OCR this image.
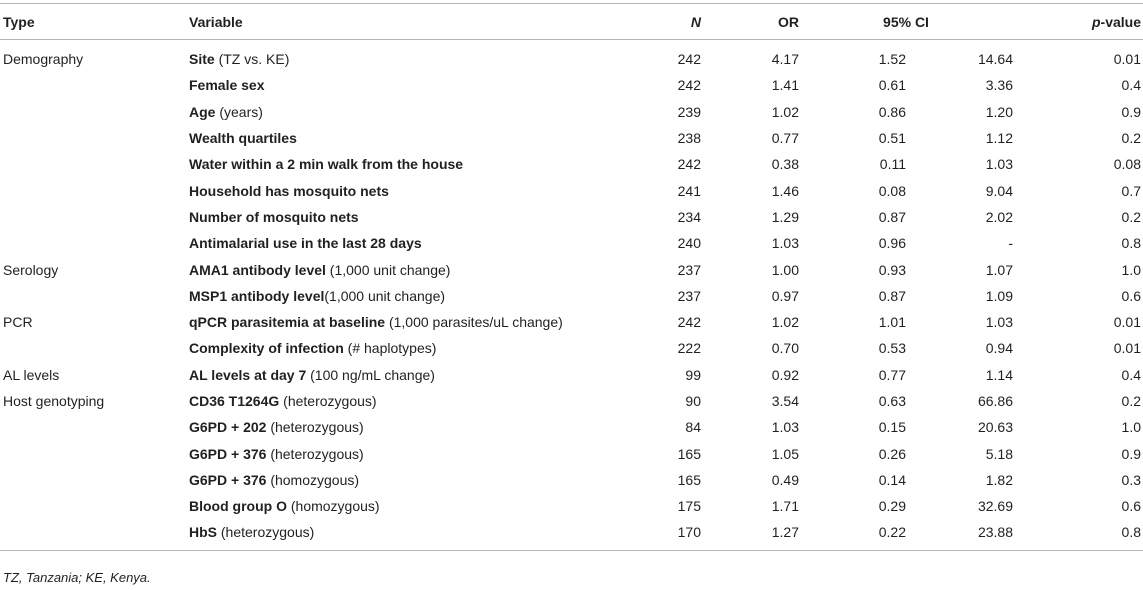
Type	Variable	N	OR	95% CI		p-value
Demography	Site (TZ vs. KE)	242	4.17	1.52	14.64	0.01
	Female sex	242	1.41	0.61	3.36	0.4
	Age (years)	239	1.02	0.86	1.20	0.9
	Wealth quartiles	238	0.77	0.51	1.12	0.2
	Water within a 2 min walk from the house	242	0.38	0.11	1.03	0.08
	Household has mosquito nets	241	1.46	0.08	9.04	0.7
	Number of mosquito nets	234	1.29	0.87	2.02	0.2
	Antimalarial use in the last 28 days	240	1.03	0.96	-	0.8
Serology	AMA1 antibody level (1,000 unit change)	237	1.00	0.93	1.07	1.0
	MSP1 antibody level(1,000 unit change)	237	0.97	0.87	1.09	0.6
PCR	qPCR parasitemia at baseline (1,000 parasites/uL change)	242	1.02	1.01	1.03	0.01
	Complexity of infection (# haplotypes)	222	0.70	0.53	0.94	0.01
AL levels	AL levels at day 7 (100 ng/mL change)	99	0.92	0.77	1.14	0.4
Host genotyping	CD36 T1264G (heterozygous)	90	3.54	0.63	66.86	0.2
	G6PD + 202 (heterozygous)	84	1.03	0.15	20.63	1.0
	G6PD + 376 (heterozygous)	165	1.05	0.26	5.18	0.9
	G6PD + 376 (homozygous)	165	0.49	0.14	1.82	0.3
	Blood group O (homozygous)	175	1.71	0.29	32.69	0.6
	HbS (heterozygous)	170	1.27	0.22	23.88	0.8
TZ, Tanzania; KE, Kenya.
